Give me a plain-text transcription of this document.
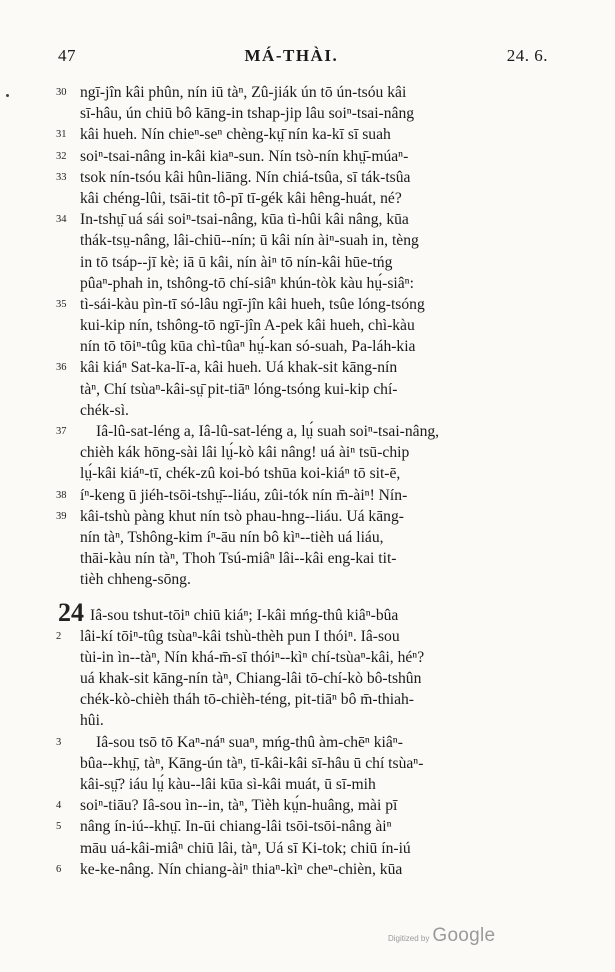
47	MÁ-THÀI.	24. 6.
30 ngī-jîn kâi phûn, nín iū tàⁿ, Zû-jiák ún tō ún-tsóu kâi
sī-hâu, ún chiū bô kāng-in tshap-jip lâu soiⁿ-tsai-nâng
31 kâi hueh. Nín chieⁿ-seⁿ chèng-kṳ̄ nín ka-kī sī suah
32 soiⁿ-tsai-nâng in-kâi kiaⁿ-sun. Nín tsò-nín khṳ̄-múaⁿ-
33 tsok nín-tsóu kâi hûn-liāng. Nín chiá-tsûa, sī ták-tsûa
kâi chéng-lûi, tsāi-tit tô-pī tī-gék kâi hêng-huát, né?
34 In-tshṳ̄ uá sái soiⁿ-tsai-nâng, kūa tì-hûi kâi nâng, kūa
thák-tsṳ-nâng, lâi-chiū--nín; ū kâi nín àiⁿ-suah in, tèng
in tō tsáp--jī kè; iā ū kâi, nín àiⁿ tō nín-kâi hūe-tńg
pûaⁿ-phah in, tshông-tō chí-siâⁿ khún-tòk kàu hṳ́-siâⁿ:
35 tì-sái-kàu pìn-tī só-lâu ngī-jîn kâi hueh, tsûe lóng-tsóng
kui-kip nín, tshông-tō ngī-jîn A-pek kâi hueh, chì-kàu
nín tō tōiⁿ-tûg kūa chì-tûaⁿ hṳ́-kan só-suah, Pa-láh-kia
36 kâi kiáⁿ Sat-ka-lī-a, kâi hueh. Uá khak-sit kāng-nín
tàⁿ, Chí tsùaⁿ-kâi-sṳ̄ pit-tiāⁿ lóng-tsóng kui-kip chí-
chék-sì.
37	Iâ-lû-sat-léng a, Iâ-lû-sat-léng a, lṳ́ suah soiⁿ-tsai-nâng,
chièh kák hōng-sài lâi lṳ́-kò kâi nâng! uá àiⁿ tsū-chip
lṳ́-kâi kiáⁿ-tī, chék-zû koi-bó tshūa koi-kiáⁿ tō sit-ē,
38 íⁿ-keng ū jiéh-tsōi-tshṳ̄--liáu, zûi-tók nín m̄-àiⁿ! Nín-
39 kâi-tshù pàng khut nín tsò phau-hng--liáu. Uá kāng-
nín tàⁿ, Tshông-kim íⁿ-āu nín bô kìⁿ--tièh uá liáu,
thāi-kàu nín tàⁿ, Thoh Tsú-miâⁿ lâi--kâi eng-kai tit-
tièh chheng-sōng.
24 Iâ-sou tshut-tōiⁿ chiū kiáⁿ; I-kâi mńg-thû kiâⁿ-bûa
2	lâi-kí tōiⁿ-tûg tsùaⁿ-kâi tshù-thèh pun I thóiⁿ. Iâ-sou
tùi-in ìn--tàⁿ, Nín khá-m̄-sī thóiⁿ--kìⁿ chí-tsùaⁿ-kâi, héⁿ?
uá khak-sit kāng-nín tàⁿ, Chiang-lâi tō-chí-kò bô-tshûn
chék-kò-chièh tháh tō-chièh-téng, pit-tiāⁿ bô m̄-thiah-
hûi.
3	Iâ-sou tsō tō Kaⁿ-náⁿ suaⁿ, mńg-thû àm-chēⁿ kiâⁿ-
bûa--khṳ̄, tàⁿ, Kāng-ún tàⁿ, tī-kâi-kâi sī-hâu ū chí tsùaⁿ-
kâi-sṳ̄? iáu lṳ́ kàu--lâi kūa sì-kâi muát, ū sī-mih
4	soiⁿ-tiāu? Iâ-sou ìn--in, tàⁿ, Tièh kṳ́n-huâng, mài pī
5	nâng ín-iú--khṳ̄. In-ūi chiang-lâi tsōi-tsōi-nâng àiⁿ
māu uá-kâi-miâⁿ chiū lâi, tàⁿ, Uá sī Ki-tok; chiū ín-iú
6	ke-ke-nâng. Nín chiang-àiⁿ thiaⁿ-kìⁿ cheⁿ-chièn, kūa
Digitized by Google
